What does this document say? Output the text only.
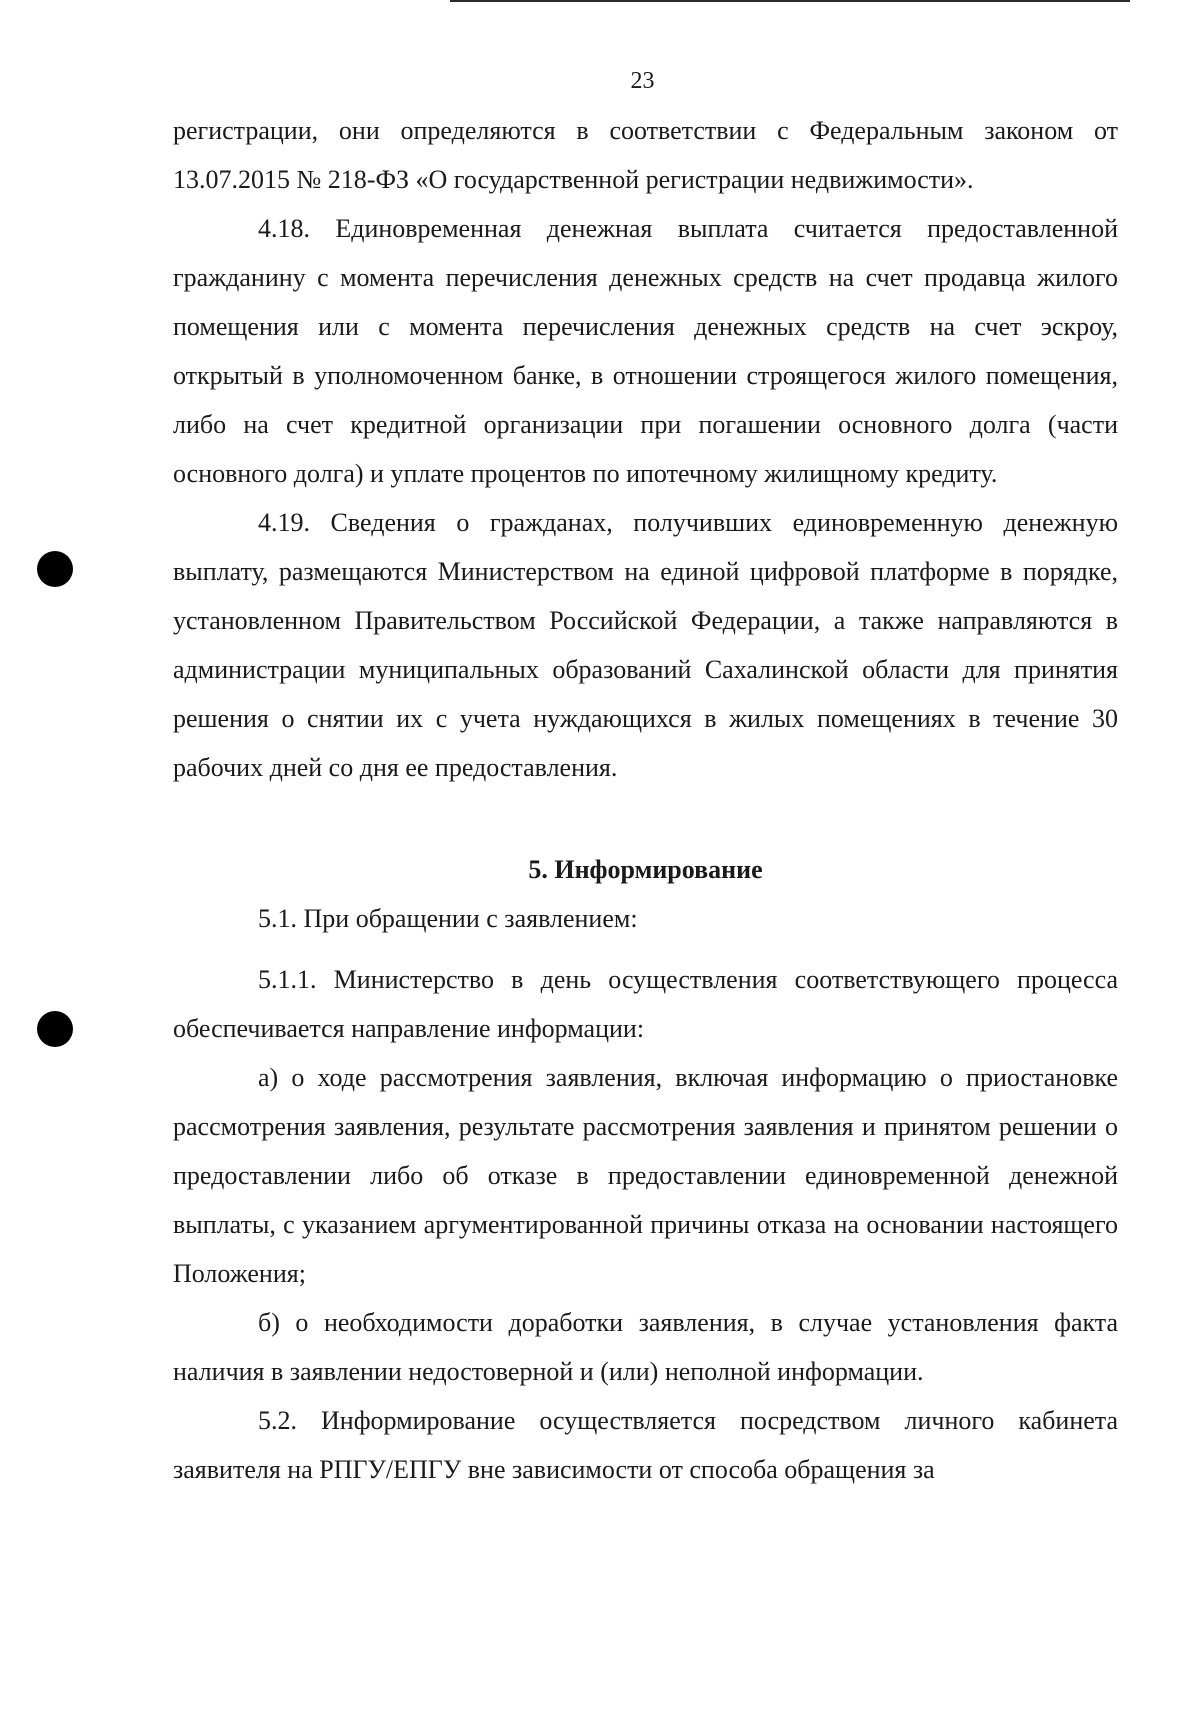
23

регистрации, они определяются в соответствии с Федеральным законом от 13.07.2015 № 218-ФЗ «О государственной регистрации недвижимости».

4.18. Единовременная денежная выплата считается предоставленной гражданину с момента перечисления денежных средств на счет продавца жилого помещения или с момента перечисления денежных средств на счет эскроу, открытый в уполномоченном банке, в отношении строящегося жилого помещения, либо на счет кредитной организации при погашении основного долга (части основного долга) и уплате процентов по ипотечному жилищному кредиту.

4.19. Сведения о гражданах, получивших единовременную денежную выплату, размещаются Министерством на единой цифровой платформе в порядке, установленном Правительством Российской Федерации, а также направляются в администрации муниципальных образований Сахалинской области для принятия решения о снятии их с учета нуждающихся в жилых помещениях в течение 30 рабочих дней со дня ее предоставления.

5. Информирование

5.1. При обращении с заявлением:

5.1.1. Министерство в день осуществления соответствующего процесса обеспечивается направление информации:

а) о ходе рассмотрения заявления, включая информацию о приостановке рассмотрения заявления, результате рассмотрения заявления и принятом решении о предоставлении либо об отказе в предоставлении единовременной денежной выплаты, с указанием аргументированной причины отказа на основании настоящего Положения;

б) о необходимости доработки заявления, в случае установления факта наличия в заявлении недостоверной и (или) неполной информации.

5.2. Информирование осуществляется посредством личного кабинета заявителя на РПГУ/ЕПГУ вне зависимости от способа обращения за
